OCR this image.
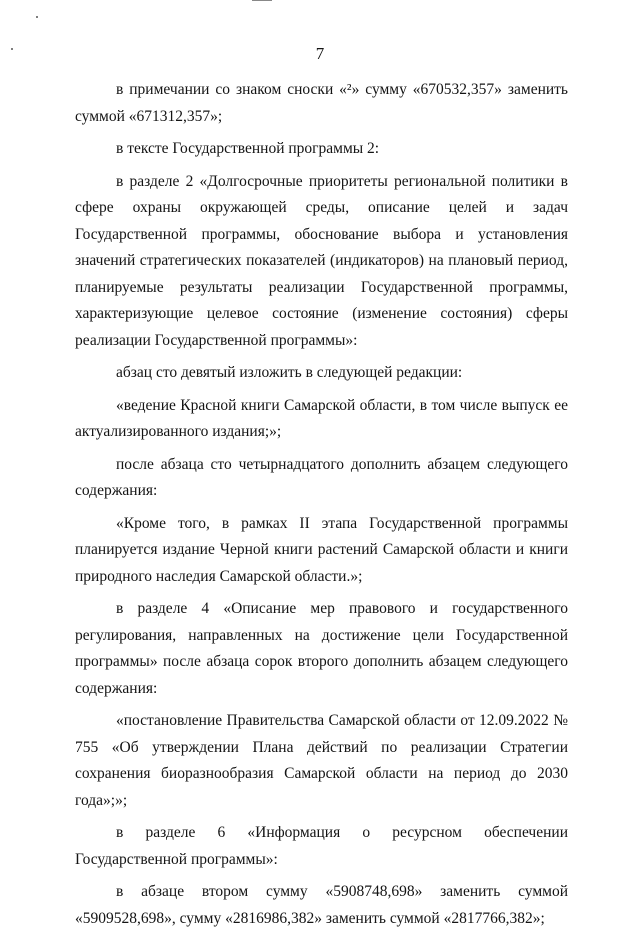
7

в примечании со знаком сноски «²» сумму «670532,357» заменить суммой «671312,357»;

в тексте Государственной программы 2:

в разделе 2 «Долгосрочные приоритеты региональной политики в сфере охраны окружающей среды, описание целей и задач Государственной программы, обоснование выбора и установления значений стратегических показателей (индикаторов) на плановый период, планируемые результаты реализации Государственной программы, характеризующие целевое состояние (изменение состояния) сферы реализации Государственной программы»:

абзац сто девятый изложить в следующей редакции:

«ведение Красной книги Самарской области, в том числе выпуск ее актуализированного издания;»;

после абзаца сто четырнадцатого дополнить абзацем следующего содержания:

«Кроме того, в рамках II этапа Государственной программы планируется издание Черной книги растений Самарской области и книги природного наследия Самарской области.»;

в разделе 4 «Описание мер правового и государственного регулирования, направленных на достижение цели Государственной программы» после абзаца сорок второго дополнить абзацем следующего содержания:

«постановление Правительства Самарской области от 12.09.2022 № 755 «Об утверждении Плана действий по реализации Стратегии сохранения биоразнообразия Самарской области на период до 2030 года»;»;

в разделе 6 «Информация о ресурсном обеспечении Государственной программы»:

в абзаце втором сумму «5908748,698» заменить суммой «5909528,698», сумму «2816986,382» заменить суммой «2817766,382»;
